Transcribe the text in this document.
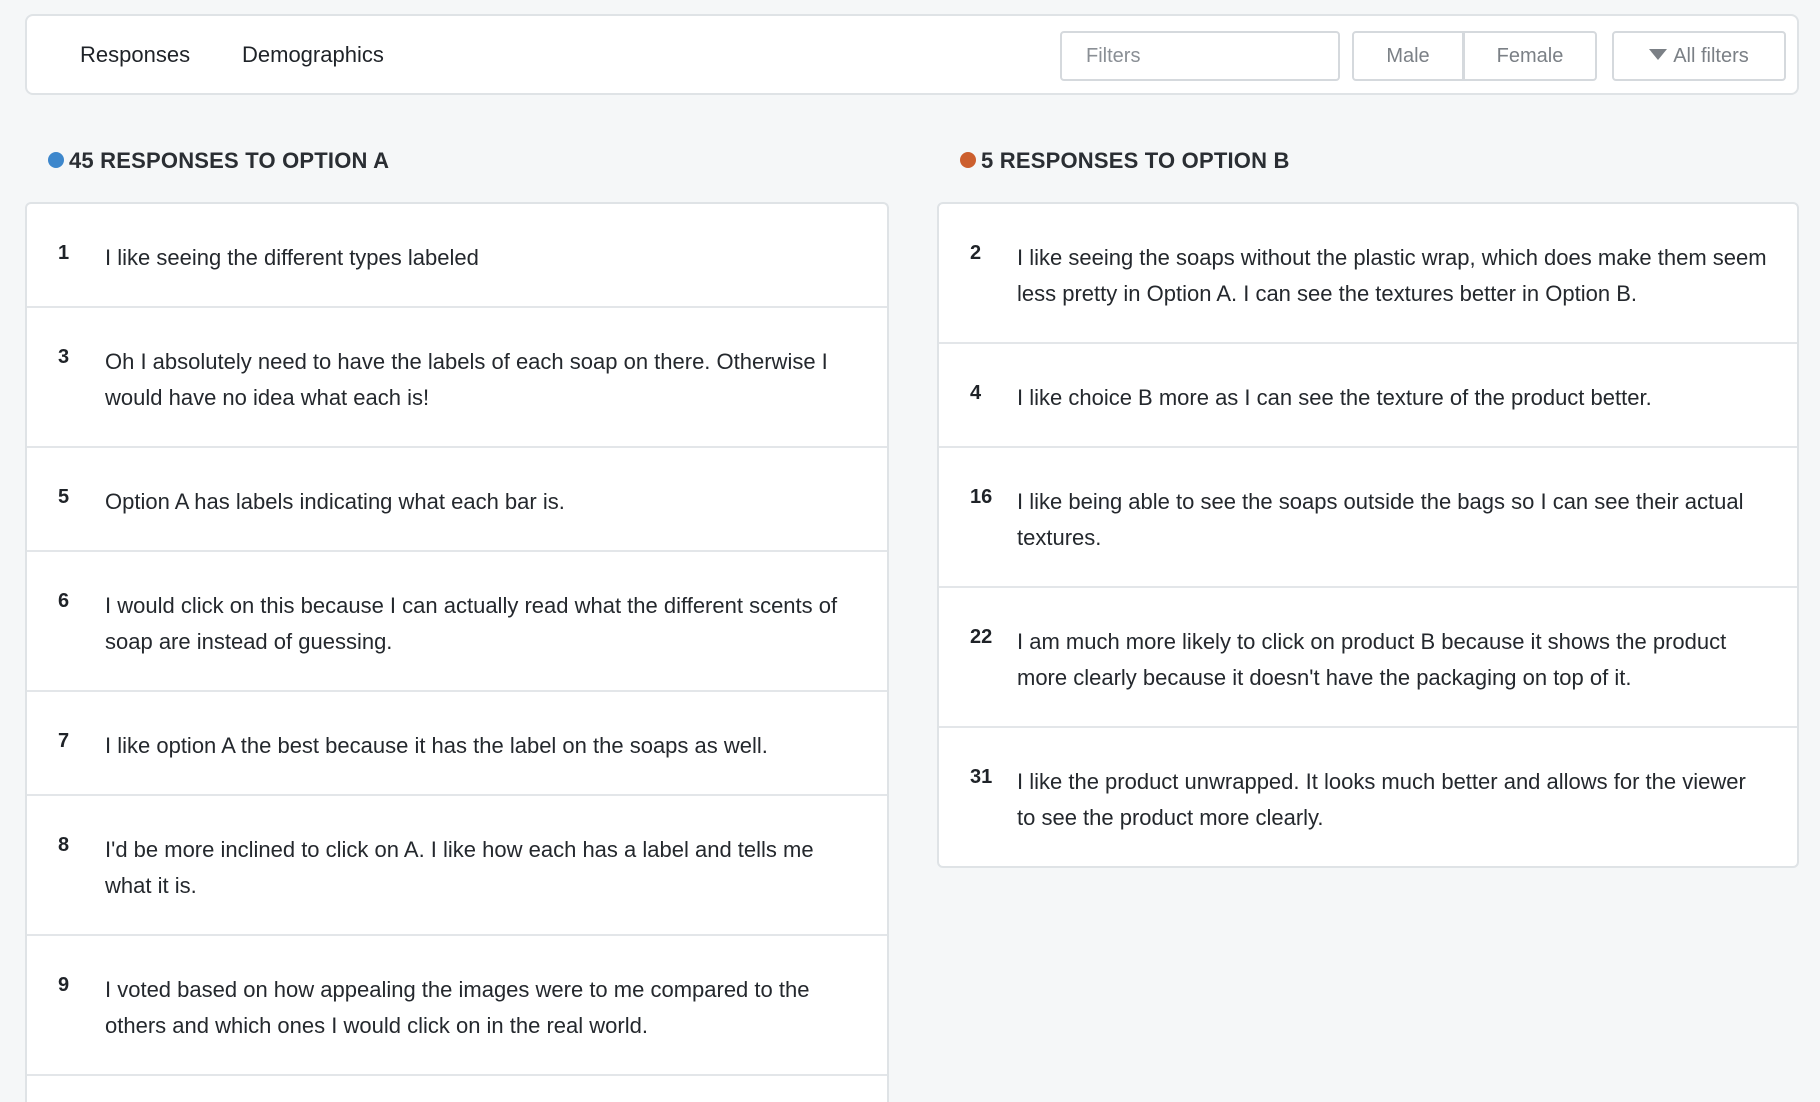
Responses Demographics
Filters	Male	Female	All filters
45 RESPONSES TO OPTION A	5 RESPONSES TO OPTION B
1 I like seeing the different types labeled
3 Oh I absolutely need to have the labels of each soap on there. Otherwise I would have no idea what each is!
5 Option A has labels indicating what each bar is.
6 I would click on this because I can actually read what the different scents of soap are instead of guessing.
7 I like option A the best because it has the label on the soaps as well.
8 I'd be more inclined to click on A. I like how each has a label and tells me what it is.
9 I voted based on how appealing the images were to me compared to the others and which ones I would click on in the real world.
2 I like seeing the soaps without the plastic wrap, which does make them seem less pretty in Option A. I can see the textures better in Option B.
4 I like choice B more as I can see the texture of the product better.
16 I like being able to see the soaps outside the bags so I can see their actual textures.
22 I am much more likely to click on product B because it shows the product more clearly because it doesn't have the packaging on top of it.
31 I like the product unwrapped. It looks much better and allows for the viewer to see the product more clearly.
